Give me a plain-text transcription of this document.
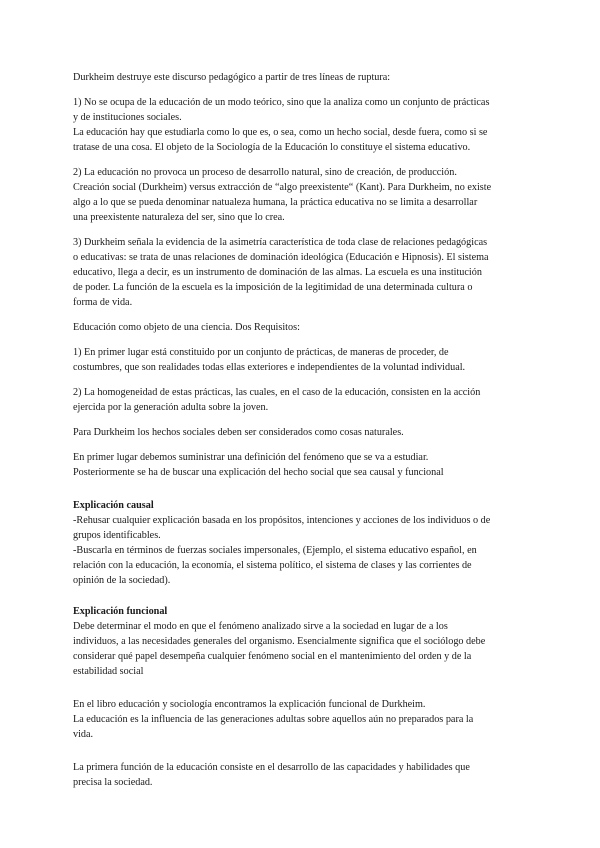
Durkheim destruye este discurso pedagógico a partir de tres líneas de ruptura:

1) No se ocupa de la educación de un modo teórico, sino que la analiza como un conjunto de prácticas
y de instituciones sociales.
La educación hay que estudiarla como lo que es, o sea, como un hecho social, desde fuera, como si se
tratase de una cosa. El objeto de la Sociología de la Educación lo constituye el sistema educativo.

2) La educación no provoca un proceso de desarrollo natural, sino de creación, de producción.
Creación social (Durkheim) versus extracción de “algo preexistente“ (Kant). Para Durkheim, no existe
algo a lo que se pueda denominar natualeza humana, la práctica educativa no se limita a desarrollar
una preexistente naturaleza del ser, sino que lo crea.

3) Durkheim señala la evidencia de la asimetría característica de toda clase de relaciones pedagógicas
o educativas: se trata de unas relaciones de dominación ideológica (Educación e Hipnosis). El sistema
educativo, llega a decir, es un instrumento de dominación de las almas. La escuela es una institución
de poder. La función de la escuela es la imposición de la legitimidad de una determinada cultura o
forma de vida.

Educación como objeto de una ciencia. Dos Requisitos:

1) En primer lugar está constituido por un conjunto de prácticas, de maneras de proceder, de
costumbres, que son realidades todas ellas exteriores e independientes de la voluntad individual.

2) La homogeneidad de estas prácticas, las cuales, en el caso de la educación, consisten en la acción
ejercida por la generación adulta sobre la joven.

Para Durkheim los hechos sociales deben ser considerados como cosas naturales.

En primer lugar debemos suministrar una definición del fenómeno que se va a estudiar.
Posteriormente se ha de buscar una explicación del hecho social que sea causal y funcional

Explicación causal
-Rehusar cualquier explicación basada en los propósitos, intenciones y acciones de los individuos o de
grupos identificables.
-Buscarla en términos de fuerzas sociales impersonales, (Ejemplo, el sistema educativo español, en
relación con la educación, la economía, el sistema político, el sistema de clases y las corrientes de
opinión de la sociedad).

Explicación funcional
Debe determinar el modo en que el fenómeno analizado sirve a la sociedad en lugar de a los
individuos, a las necesidades generales del organismo. Esencialmente significa que el sociólogo debe
considerar qué papel desempeña cualquier fenómeno social en el mantenimiento del orden y de la
estabilidad social

En el libro educación y sociología encontramos la explicación funcional de Durkheim.
La educación es la influencia de las generaciones adultas sobre aquellos aún no preparados para la
vida.

La primera función de la educación consiste en el desarrollo de las capacidades y habilidades que
precisa la sociedad.
